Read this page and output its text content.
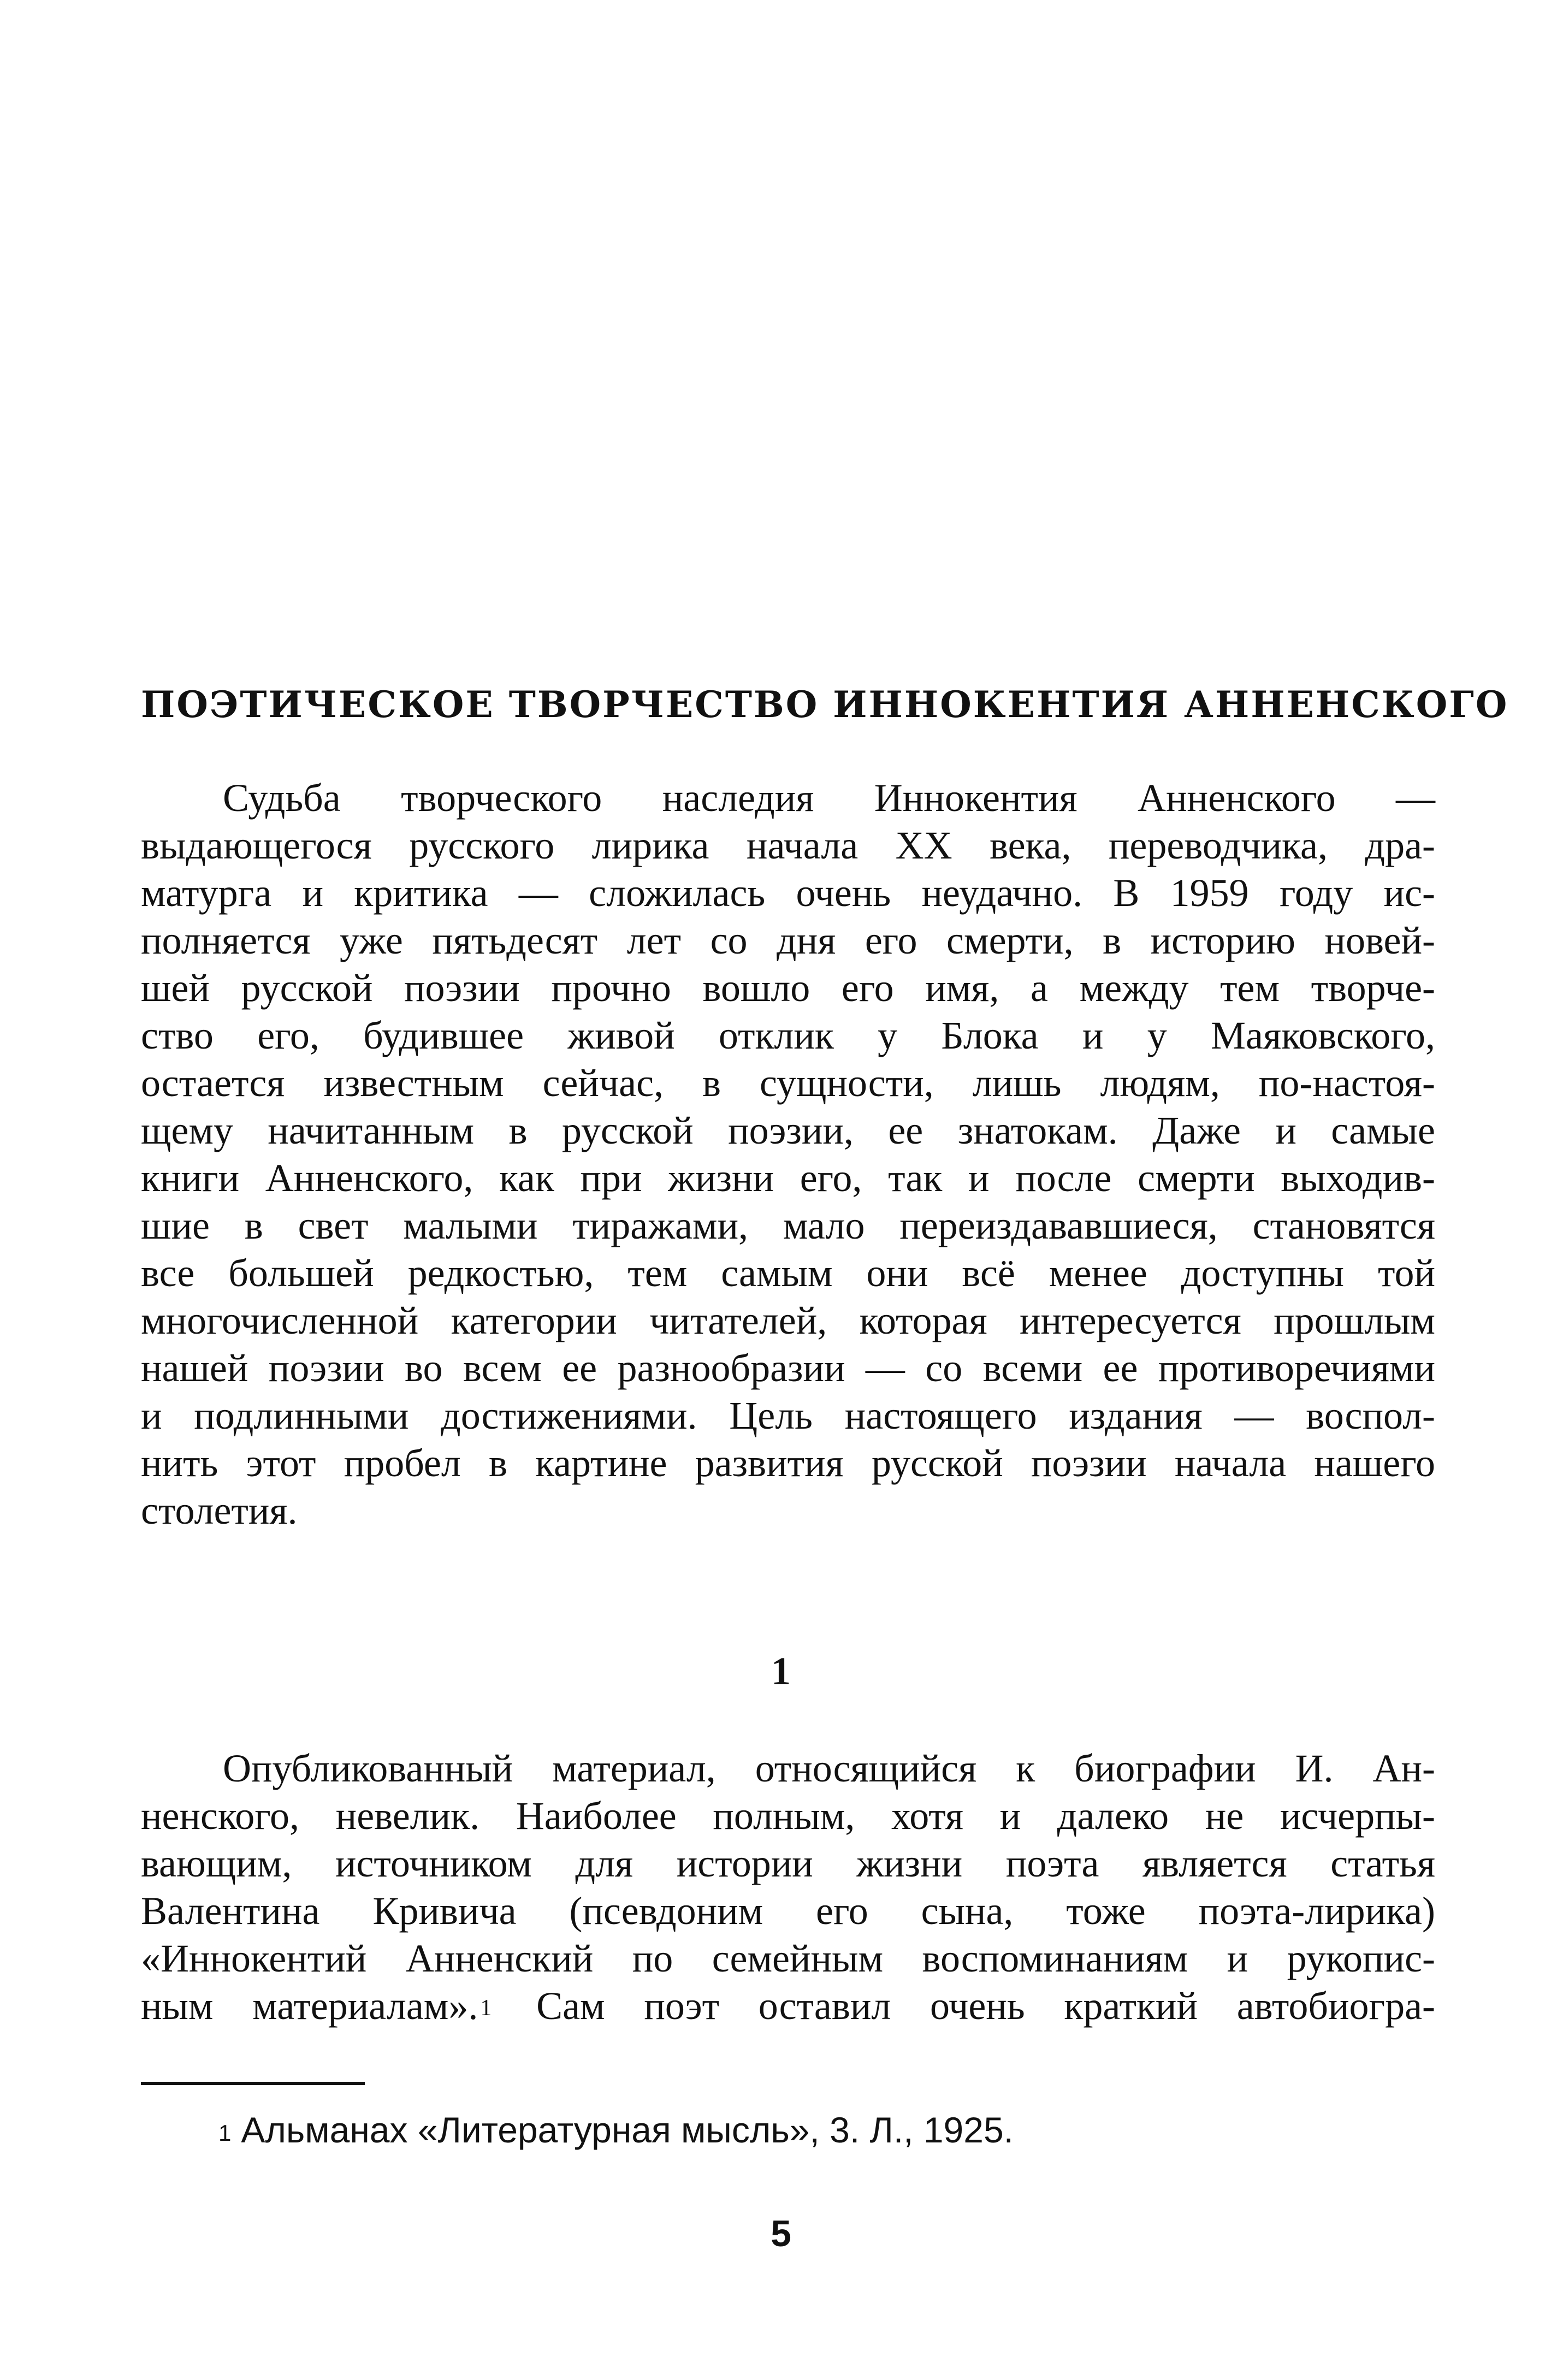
ПОЭТИЧЕСКОЕ ТВОРЧЕСТВО ИННОКЕНТИЯ АННЕНСКОГО
Судьба творческого наследия Иннокентия Анненского —
выдающегося русского лирика начала XX века, переводчика, дра-
матурга и критика — сложилась очень неудачно. В 1959 году ис-
полняется уже пятьдесят лет со дня его смерти, в историю новей-
шей русской поэзии прочно вошло его имя, а между тем творче-
ство его, будившее живой отклик у Блока и у Маяковского,
остается известным сейчас, в сущности, лишь людям, по-настоя-
щему начитанным в русской поэзии, ее знатокам. Даже и самые
книги Анненского, как при жизни его, так и после смерти выходив-
шие в свет малыми тиражами, мало переиздававшиеся, становятся
все большей редкостью, тем самым они всё менее доступны той
многочисленной категории читателей, которая интересуется прошлым
нашей поэзии во всем ее разнообразии — со всеми ее противоречиями
и подлинными достижениями. Цель настоящего издания — воспол-
нить этот пробел в картине развития русской поэзии начала нашего
столетия.
1
Опубликованный материал, относящийся к биографии И. Ан-
ненского, невелик. Наиболее полным, хотя и далеко не исчерпы-
вающим, источником для истории жизни поэта является статья
Валентина Кривича (псевдоним его сына, тоже поэта-лирика)
«Иннокентий Анненский по семейным воспоминаниям и рукопис-
ным материалам».$^1$ Сам поэт оставил очень краткий автобиогра-
$^1$ Альманах «Литературная мысль», 3. Л., 1925.
5
